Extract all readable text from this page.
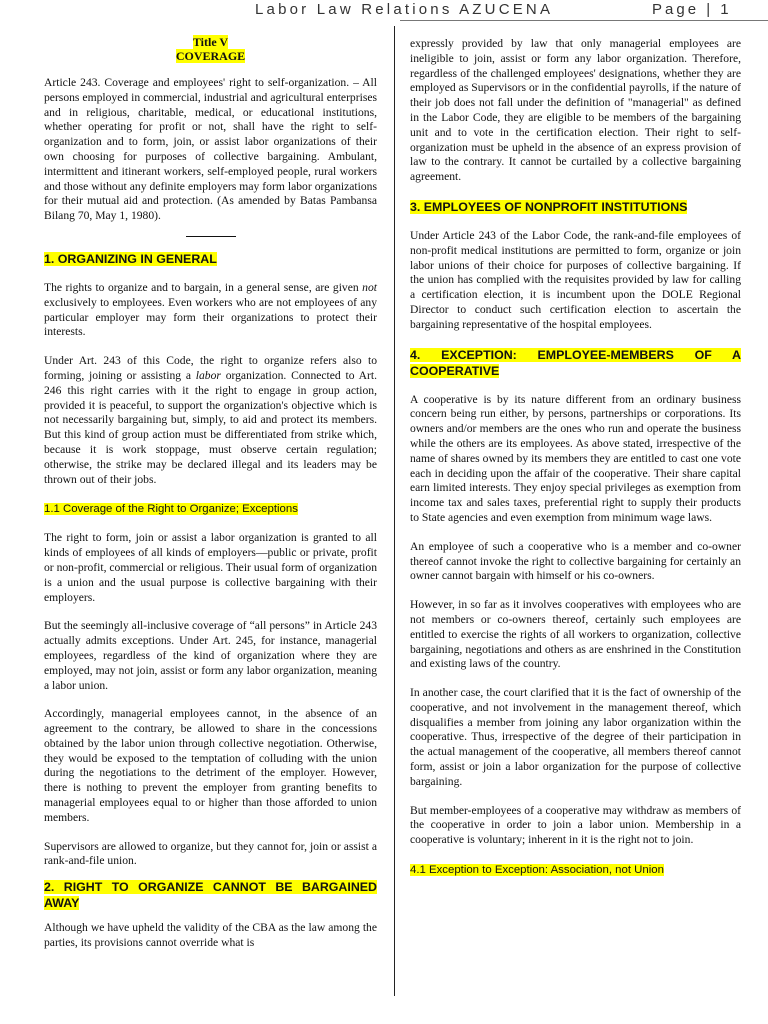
Labor Law Relations AZUCENA	Page | 1
Title V
COVERAGE

Article 243. Coverage and employees' right to self-organization. – All persons employed in commercial, industrial and agricultural enterprises and in religious, charitable, medical, or educational institutions, whether operating for profit or not, shall have the right to self-organization and to form, join, or assist labor organizations of their own choosing for purposes of collective bargaining. Ambulant, intermittent and itinerant workers, self-employed people, rural workers and those without any definite employers may form labor organizations for their mutual aid and protection. (As amended by Batas Pambansa Bilang 70, May 1, 1980).

1. ORGANIZING IN GENERAL

The rights to organize and to bargain, in a general sense, are given not exclusively to employees. Even workers who are not employees of any particular employer may form their organizations to protect their interests.

Under Art. 243 of this Code, the right to organize refers also to forming, joining or assisting a labor organization. Connected to Art. 246 this right carries with it the right to engage in group action, provided it is peaceful, to support the organization's objective which is not necessarily bargaining but, simply, to aid and protect its members. But this kind of group action must be differentiated from strike which, because it is work stoppage, must observe certain regulation; otherwise, the strike may be declared illegal and its leaders may be thrown out of their jobs.

1.1 Coverage of the Right to Organize; Exceptions

The right to form, join or assist a labor organization is granted to all kinds of employees of all kinds of employers—public or private, profit or non-profit, commercial or religious. Their usual form of organization is a union and the usual purpose is collective bargaining with their employers.

But the seemingly all-inclusive coverage of “all persons” in Article 243 actually admits exceptions. Under Art. 245, for instance, managerial employees, regardless of the kind of organization where they are employed, may not join, assist or form any labor organization, meaning a labor union.

Accordingly, managerial employees cannot, in the absence of an agreement to the contrary, be allowed to share in the concessions obtained by the labor union through collective negotiation. Otherwise, they would be exposed to the temptation of colluding with the union during the negotiations to the detriment of the employer. However, there is nothing to prevent the employer from granting benefits to managerial employees equal to or higher than those afforded to union members.

Supervisors are allowed to organize, but they cannot for, join or assist a rank-and-file union.

2. RIGHT TO ORGANIZE CANNOT BE BARGAINED AWAY

Although we have upheld the validity of the CBA as the law among the parties, its provisions cannot override what is

expressly provided by law that only managerial employees are ineligible to join, assist or form any labor organization. Therefore, regardless of the challenged employees' designations, whether they are employed as Supervisors or in the confidential payrolls, if the nature of their job does not fall under the definition of "managerial" as defined in the Labor Code, they are eligible to be members of the bargaining unit and to vote in the certification election. Their right to self-organization must be upheld in the absence of an express provision of law to the contrary. It cannot be curtailed by a collective bargaining agreement.

3. EMPLOYEES OF NONPROFIT INSTITUTIONS

Under Article 243 of the Labor Code, the rank-and-file employees of non-profit medical institutions are permitted to form, organize or join labor unions of their choice for purposes of collective bargaining. If the union has complied with the requisites provided by law for calling a certification election, it is incumbent upon the DOLE Regional Director to conduct such certification election to ascertain the bargaining representative of the hospital employees.

4. EXCEPTION: EMPLOYEE-MEMBERS OF A COOPERATIVE

A cooperative is by its nature different from an ordinary business concern being run either, by persons, partnerships or corporations. Its owners and/or members are the ones who run and operate the business while the others are its employees. As above stated, irrespective of the name of shares owned by its members they are entitled to cast one vote each in deciding upon the affair of the cooperative. Their share capital earn limited interests. They enjoy special privileges as exemption from income tax and sales taxes, preferential right to supply their products to State agencies and even exemption from minimum wage laws.

An employee of such a cooperative who is a member and co-owner thereof cannot invoke the right to collective bargaining for certainly an owner cannot bargain with himself or his co-owners.

However, in so far as it involves cooperatives with employees who are not members or co-owners thereof, certainly such employees are entitled to exercise the rights of all workers to organization, collective bargaining, negotiations and others as are enshrined in the Constitution and existing laws of the country.

In another case, the court clarified that it is the fact of ownership of the cooperative, and not involvement in the management thereof, which disqualifies a member from joining any labor organization within the cooperative. Thus, irrespective of the degree of their participation in the actual management of the cooperative, all members thereof cannot form, assist or join a labor organization for the purpose of collective bargaining.

But member-employees of a cooperative may withdraw as members of the cooperative in order to join a labor union. Membership in a cooperative is voluntary; inherent in it is the right not to join.

4.1 Exception to Exception: Association, not Union
